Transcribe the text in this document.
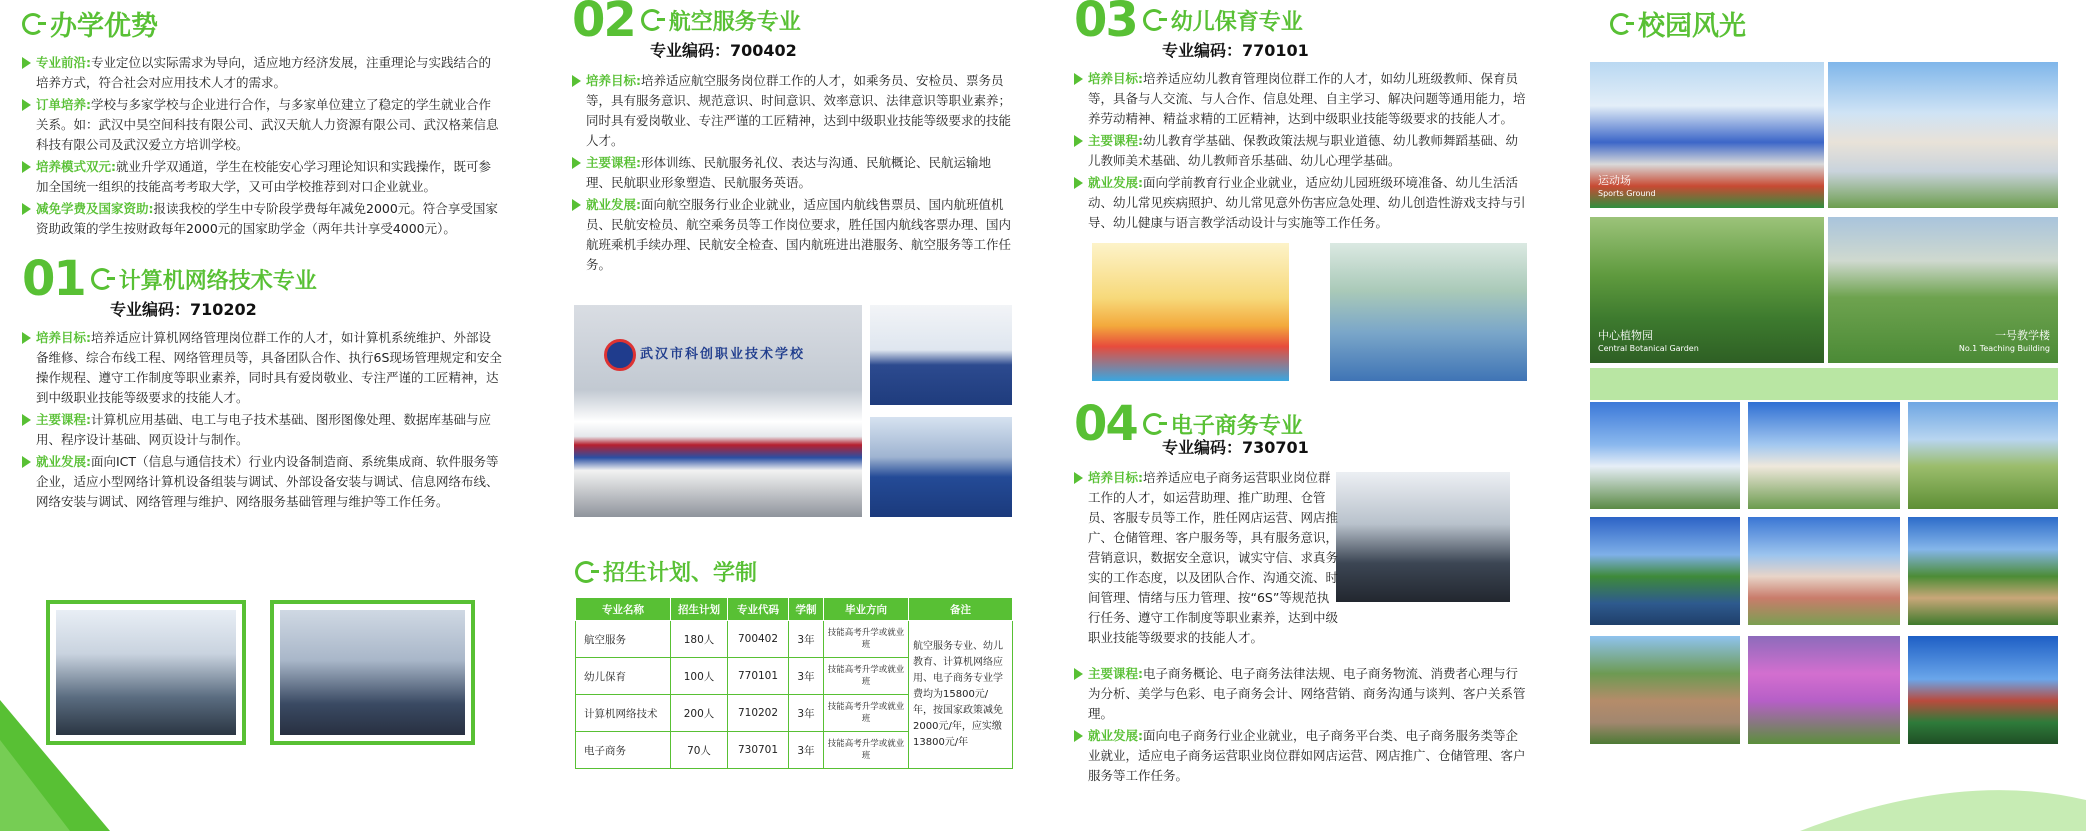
办学优势

专业前沿:专业定位以实际需求为导向，适应地方经济发展，注重理论与实践结合的培养方式，符合社会对应用技术人才的需求。

订单培养:学校与多家学校与企业进行合作，与多家单位建立了稳定的学生就业合作关系。如：武汉中昊空间科技有限公司、武汉天航人力资源有限公司、武汉格莱信息科技有限公司及武汉爱立方培训学校。

培养模式双元:就业升学双通道，学生在校能安心学习理论知识和实践操作，既可参加全国统一组织的技能高考考取大学，又可由学校推荐到对口企业就业。

减免学费及国家资助:报读我校的学生中专阶段学费每年减免2000元。符合享受国家资助政策的学生按财政每年2000元的国家助学金（两年共计享受4000元）。

01 计算机网络技术专业
专业编码：710202

培养目标:培养适应计算机网络管理岗位群工作的人才，如计算机系统维护、外部设备维修、综合布线工程、网络管理员等，具备团队合作、执行6S现场管理规定和安全操作规程、遵守工作制度等职业素养，同时具有爱岗敬业、专注严谨的工匠精神，达到中级职业技能等级要求的技能人才。

主要课程:计算机应用基础、电工与电子技术基础、图形图像处理、数据库基础与应用、程序设计基础、网页设计与制作。

就业发展:面向ICT（信息与通信技术）行业内设备制造商、系统集成商、软件服务等企业，适应小型网络计算机设备组装与调试、外部设备安装与调试、信息网络布线、网络安装与调试、网络管理与维护、网络服务基础管理与维护等工作任务。

02 航空服务专业
专业编码：700402

培养目标:培养适应航空服务岗位群工作的人才，如乘务员、安检员、票务员等，具有服务意识、规范意识、时间意识、效率意识、法律意识等职业素养；同时具有爱岗敬业、专注严谨的工匠精神，达到中级职业技能等级要求的技能人才。

主要课程:形体训练、民航服务礼仪、表达与沟通、民航概论、民航运输地理、民航职业形象塑造、民航服务英语。

就业发展:面向航空服务行业企业就业，适应国内航线售票员、国内航班值机员、民航安检员、航空乘务员等工作岗位要求，胜任国内航线客票办理、国内航班乘机手续办理、民航安全检查、国内航班进出港服务、航空服务等工作任务。

武汉市科创职业技术学校
招生计划、学制
专业名称	招生计划	专业代码	学制	毕业方向	备注
航空服务	180人	700402	3年	技能高考升学或就业班	航空服务专业、幼儿教育、计算机网络应用、电子商务专业学费均为15800元/年，按国家政策减免2000元/年，应实缴13800元/年
幼儿保育	100人	770101	3年	技能高考升学或就业班	
计算机网络技术	200人	710202	3年	技能高考升学或就业班	
电子商务	70人	730701	3年	技能高考升学或就业班	
03 幼儿保育专业
专业编码：770101

培养目标:培养适应幼儿教育管理岗位群工作的人才，如幼儿班级教师、保育员等，具备与人交流、与人合作、信息处理、自主学习、解决问题等通用能力，培养劳动精神、精益求精的工匠精神，达到中级职业技能等级要求的技能人才。

主要课程:幼儿教育学基础、保教政策法规与职业道德、幼儿教师舞蹈基础、幼儿教师美术基础、幼儿教师音乐基础、幼儿心理学基础。

就业发展:面向学前教育行业企业就业，适应幼儿园班级环境准备、幼儿生活活动、幼儿常见疾病照护、幼儿常见意外伤害应急处理、幼儿创造性游戏支持与引导、幼儿健康与语言教学活动设计与实施等工作任务。

04 电子商务专业
专业编码：730701

培养目标:培养适应电子商务运营职业岗位群工作的人才，如运营助理、推广助理、仓管员、客服专员等工作，胜任网店运营、网店推广、仓储管理、客户服务等，具有服务意识，营销意识，数据安全意识，诚实守信、求真务实的工作态度，以及团队合作、沟通交流、时间管理、情绪与压力管理、按“6S”等规范执行任务、遵守工作制度等职业素养，达到中级职业技能等级要求的技能人才。

主要课程:电子商务概论、电子商务法律法规、电子商务物流、消费者心理与行为分析、美学与色彩、电子商务会计、网络营销、商务沟通与谈判、客户关系管理。

就业发展:面向电子商务行业企业就业，电子商务平台类、电子商务服务类等企业就业，适应电子商务运营职业岗位群如网店运营、网店推广、仓储管理、客户服务等工作任务。

校园风光
运动场
Sports Ground
中心植物园
Central Botanical Garden
一号教学楼
No.1 Teaching Building
